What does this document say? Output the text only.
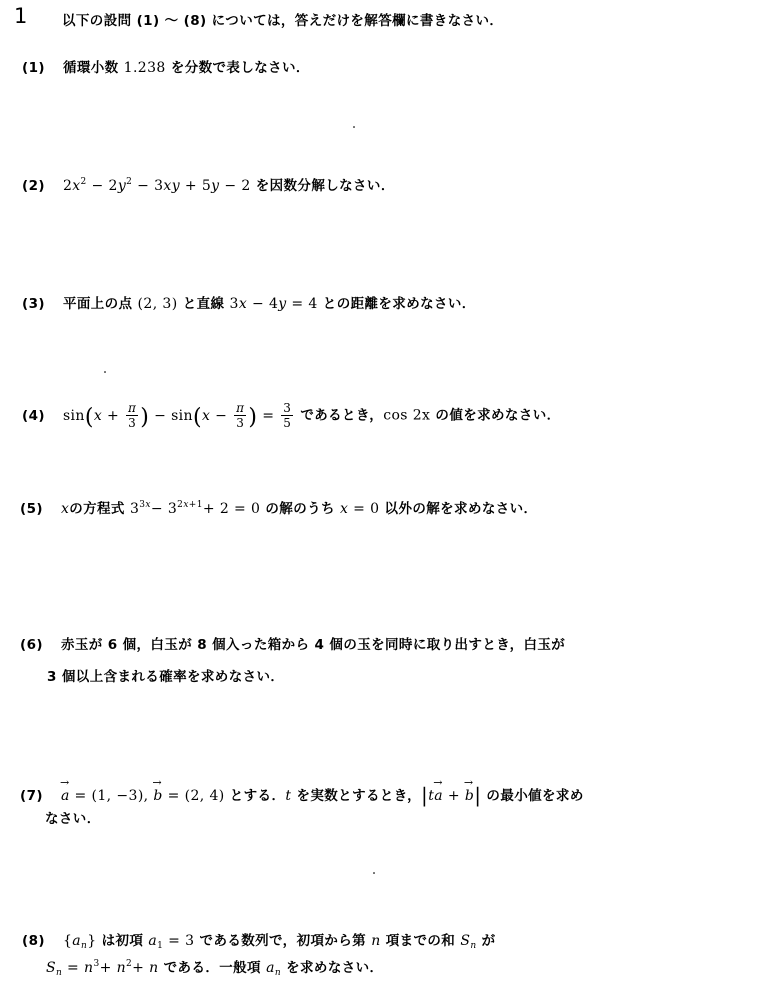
1	以下の設問 (1) 〜 (8) については，答えだけを解答欄に書きなさい．
(1) 循環小数 1.238 を分数で表しなさい．
(2) $2x^2 - 2y^2 - 3xy + 5y - 2$ を因数分解しなさい．
(3) 平面上の点 (2, 3) と直線 3x − 4y = 4 との距離を求めなさい．
(4) $\sin(x + \frac{\pi}{3}$ ) − $\sin(x - \frac{\pi}{3}$ ) = $\frac{3}{5}$ であるとき，cos 2x の値を求めなさい．
(5) xの方程式 $3^{3x}- 3^{2x+1}+ 2 = 0$ の解のうち x = 0 以外の解を求めなさい．
(6) 赤玉が 6 個，白玉が 8 個入った箱から 4 個の玉を同時に取り出すとき，白玉が
3 個以上含まれる確率を求めなさい．
(7)→ a = (1, −3), → b = (2, 4) とする．t を実数とするとき，|t→ a + → b| の最小値を求め
なさい．
(8) $\{a_n\}$ は初項 $a_1 = 3$ である数列で，初項から第 n 項までの和 $S_n$ が
$S_n = n^3+ n^2+ n$ である．一般項 $a_n$ を求めなさい．
